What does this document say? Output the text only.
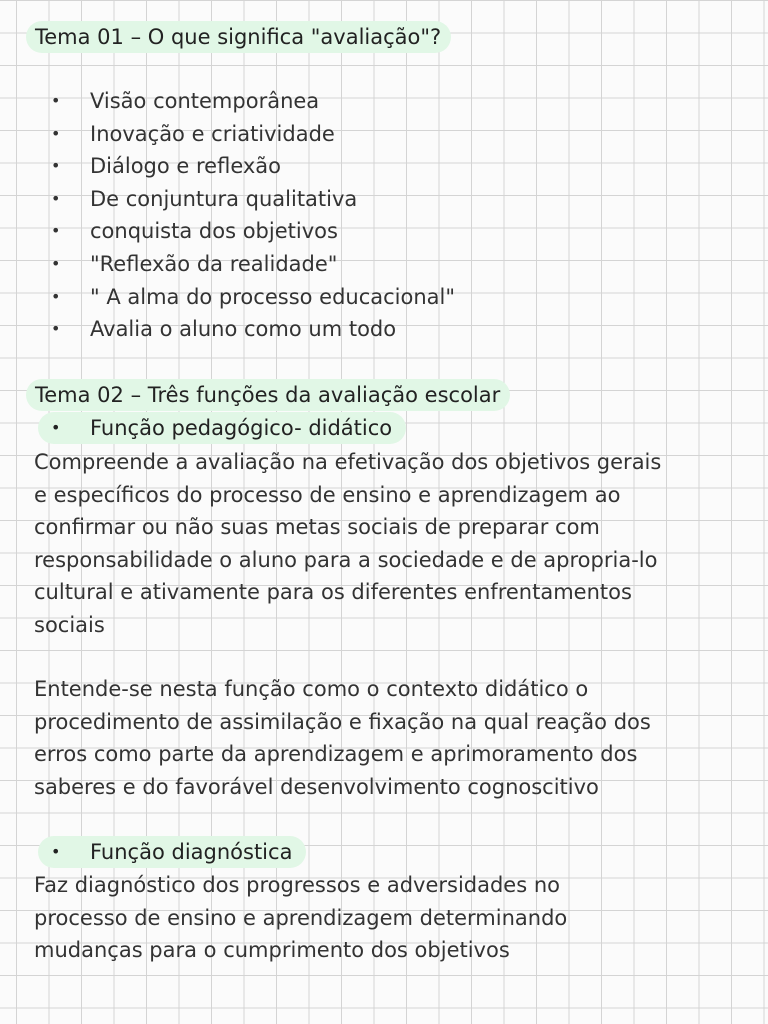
Tema 01 – O que significa "avaliação"?
• Visão contemporânea
• Inovação e criatividade
• Diálogo e reflexão
• De conjuntura qualitativa
• conquista dos objetivos
• "Reflexão da realidade"
• " A alma do processo educacional"
• Avalia o aluno como um todo
Tema 02 – Três funções da avaliação escolar
• Função pedagógico- didático
Compreende a avaliação na efetivação dos objetivos gerais
e específicos do processo de ensino e aprendizagem ao
confirmar ou não suas metas sociais de preparar com
responsabilidade o aluno para a sociedade e de apropria-lo
cultural e ativamente para os diferentes enfrentamentos
sociais
Entende-se nesta função como o contexto didático o
procedimento de assimilação e fixação na qual reação dos
erros como parte da aprendizagem e aprimoramento dos
saberes e do favorável desenvolvimento cognoscitivo
• Função diagnóstica
Faz diagnóstico dos progressos e adversidades no
processo de ensino e aprendizagem determinando
mudanças para o cumprimento dos objetivos
